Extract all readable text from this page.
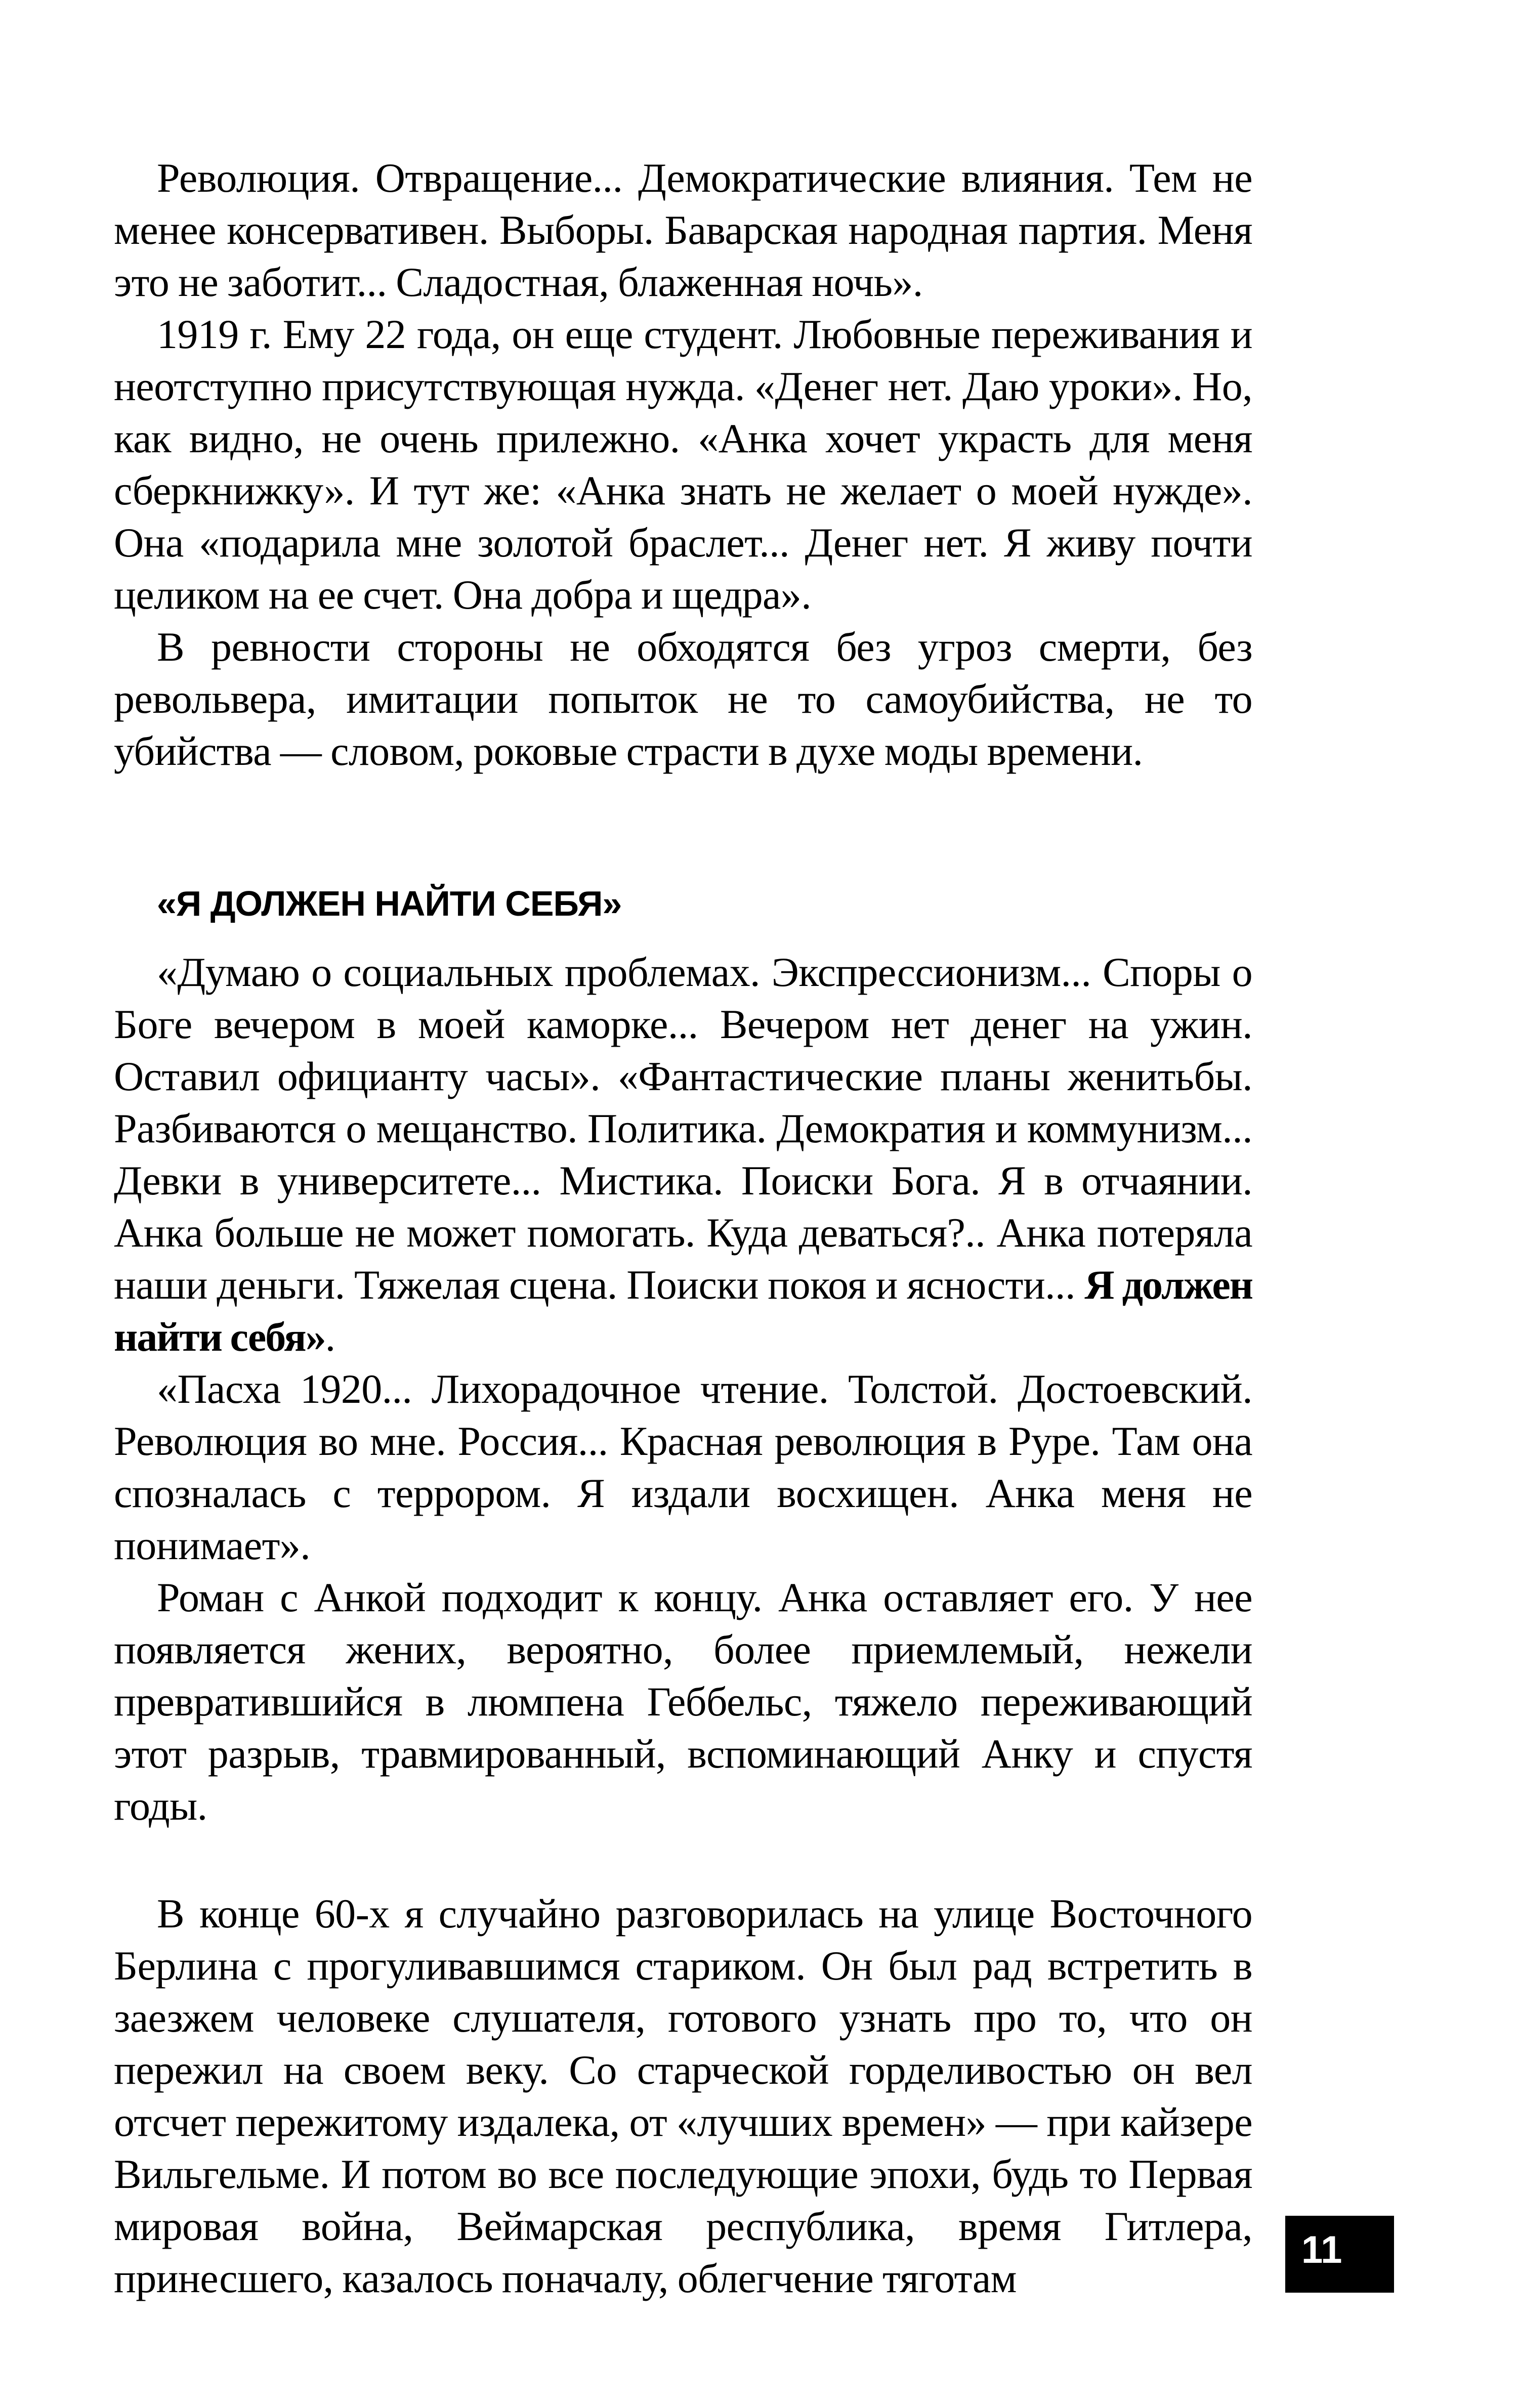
Революция. Отвращение... Демократические влияния. Тем не менее консервативен. Выборы. Баварская народная партия. Меня это не заботит... Сладостная, блаженная ночь».

1919 г. Ему 22 года, он еще студент. Любовные переживания и неотступно присутствующая нужда. «Денег нет. Даю уроки». Но, как видно, не очень прилежно. «Анка хочет украсть для меня сберкнижку». И тут же: «Анка знать не желает о моей нужде». Она «подарила мне золотой браслет... Денег нет. Я живу почти целиком на ее счет. Она добра и щедра».

В ревности стороны не обходятся без угроз смерти, без револьвера, имитации попыток не то самоубийства, не то убийства — словом, роковые страсти в духе моды времени.

«Я ДОЛЖЕН НАЙТИ СЕБЯ»

«Думаю о социальных проблемах. Экспрессионизм... Споры о Боге вечером в моей каморке... Вечером нет денег на ужин. Оставил официанту часы». «Фантастические планы женитьбы. Разбиваются о мещанство. Политика. Демократия и коммунизм... Девки в университете... Мистика. Поиски Бога. Я в отчаянии. Анка больше не может помогать. Куда деваться?.. Анка потеряла наши деньги. Тяжелая сцена. Поиски покоя и ясности... Я должен найти себя».

«Пасха 1920... Лихорадочное чтение. Толстой. Достоевский. Революция во мне. Россия... Красная революция в Руре. Там она спозналась с террором. Я издали восхищен. Анка меня не понимает».

Роман с Анкой подходит к концу. Анка оставляет его. У нее появляется жених, вероятно, более приемлемый, нежели превратившийся в люмпена Геббельс, тяжело переживающий этот разрыв, травмированный, вспоминающий Анку и спустя годы.

В конце 60-х я случайно разговорилась на улице Восточного Берлина с прогуливавшимся стариком. Он был рад встретить в заезжем человеке слушателя, готового узнать про то, что он пережил на своем веку. Со старческой горделивостью он вел отсчет пережитому издалека, от «лучших времен» — при кайзере Вильгельме. И потом во все последующие эпохи, будь то Первая мировая война, Веймарская республика, время Гитлера, принесшего, казалось поначалу, облегчение тяготам

11
